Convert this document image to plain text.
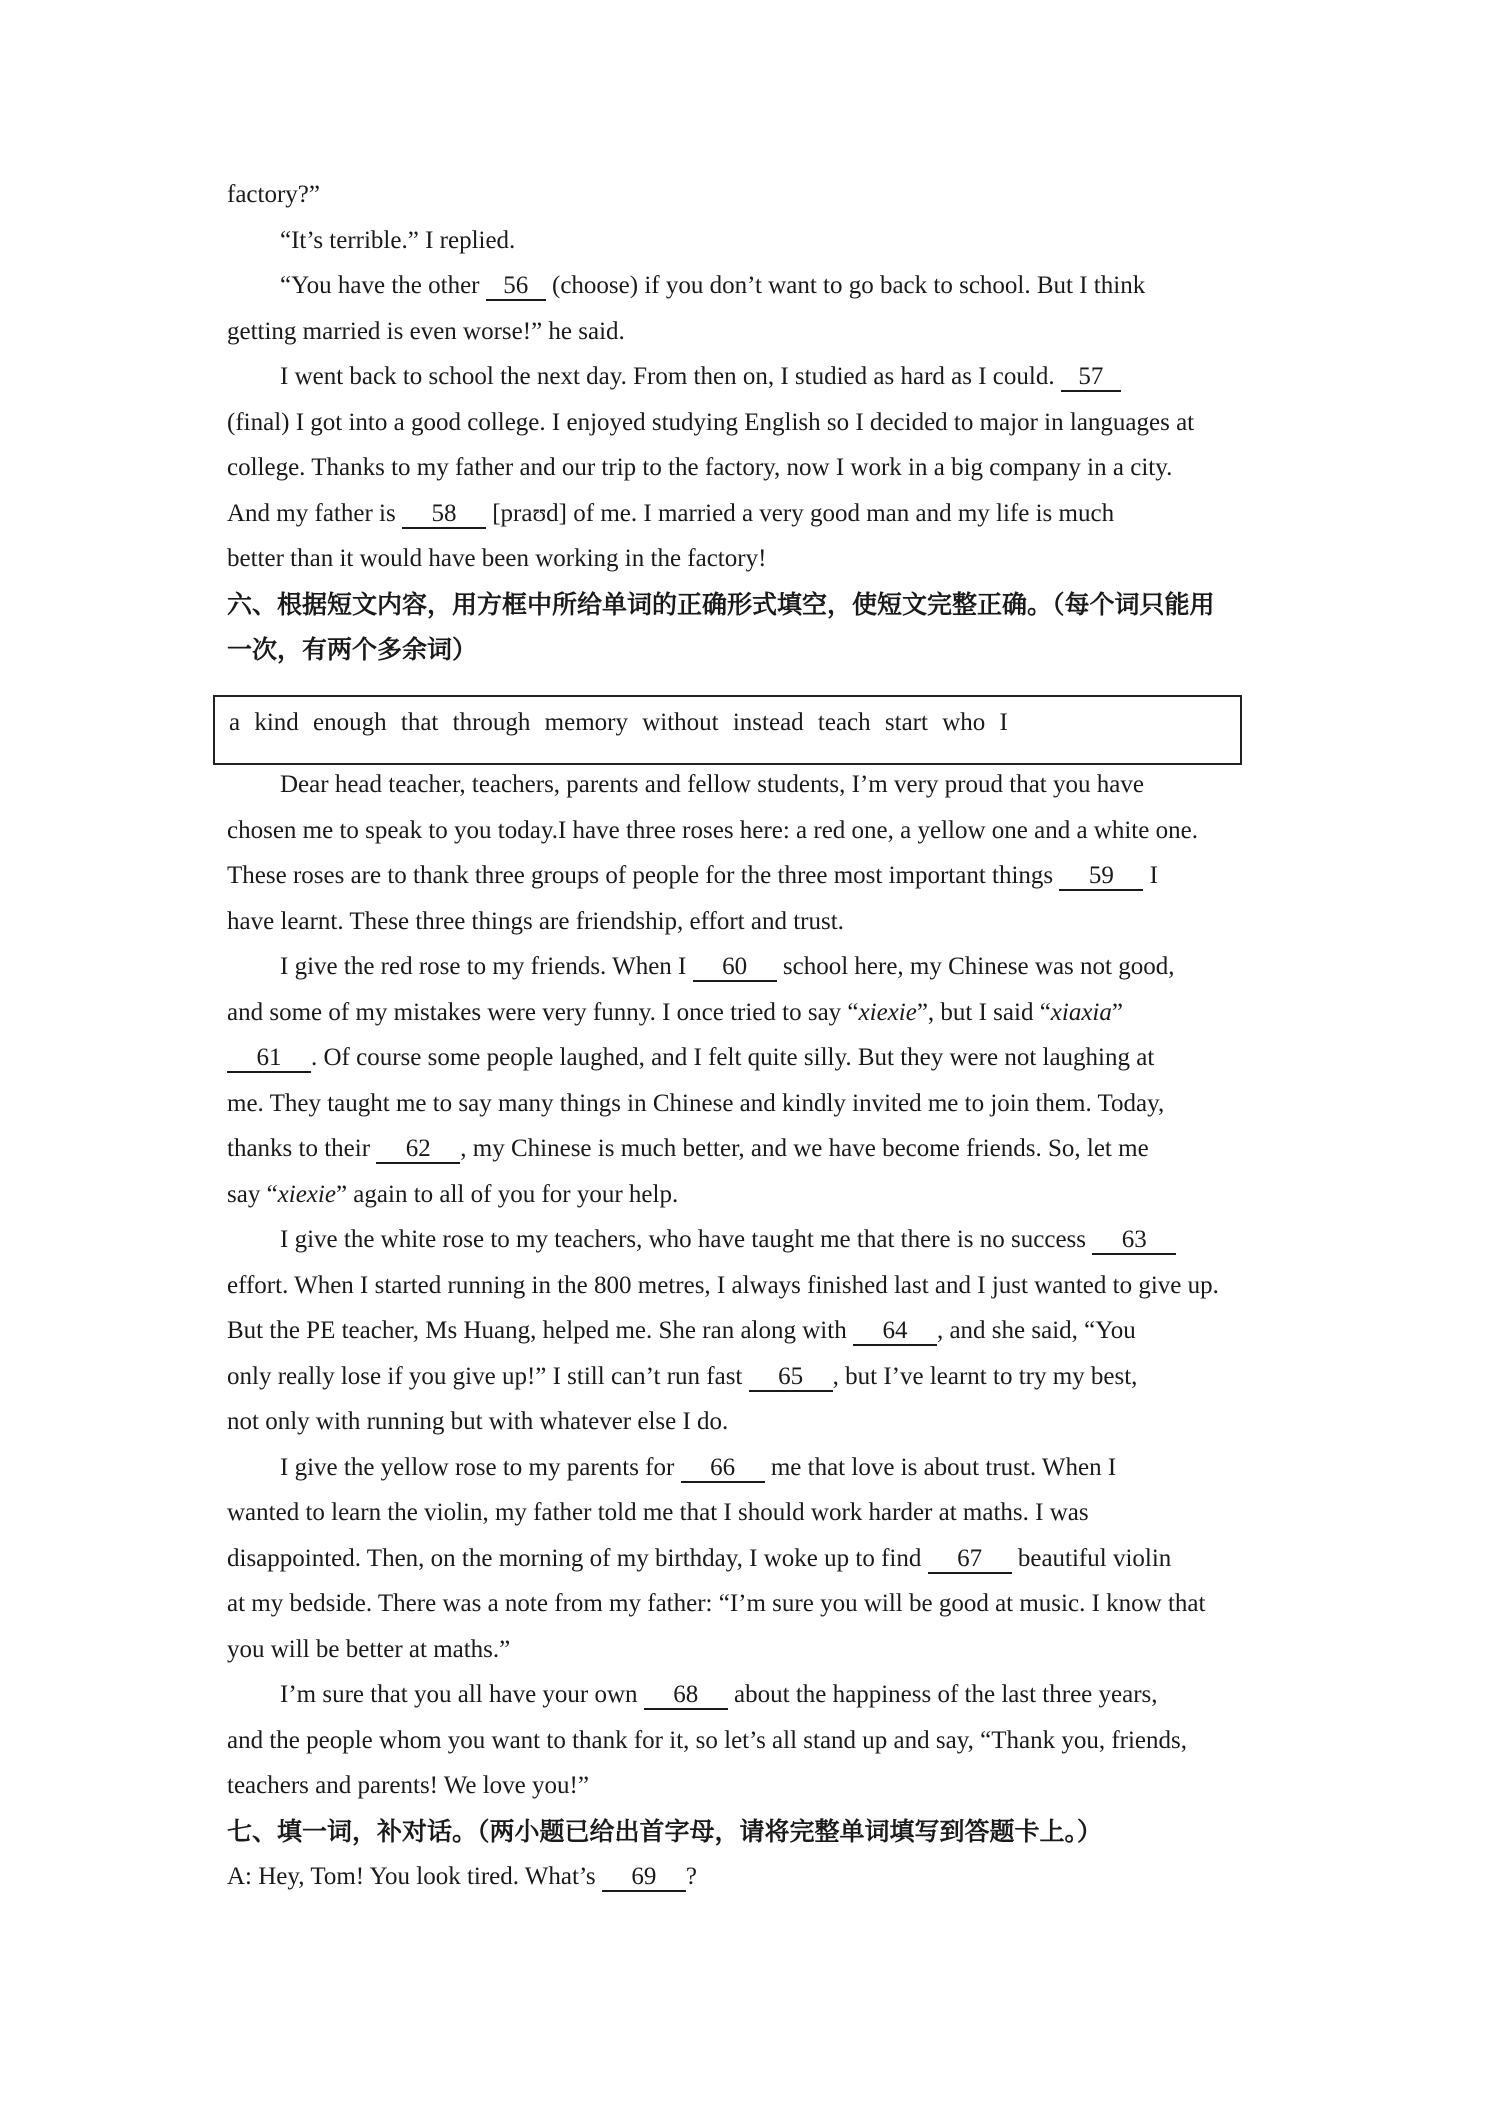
factory?”
“It’s terrible.” I replied.
“You have the other 56 (choose) if you don’t want to go back to school. But I think
getting married is even worse!” he said.
I went back to school the next day. From then on, I studied as hard as I could. 57
(final) I got into a good college. I enjoyed studying English so I decided to major in languages at
college. Thanks to my father and our trip to the factory, now I work in a big company in a city.
And my father is 58 [praʊd] of me. I married a very good man and my life is much
better than it would have been working in the factory!
六、根据短文内容，用方框中所给单词的正确形式填空，使短文完整正确。（每个词只能用
一次，有两个多余词）
a kind enough that through memory without instead teach start who I
Dear head teacher, teachers, parents and fellow students, I’m very proud that you have
chosen me to speak to you today.I have three roses here: a red one, a yellow one and a white one.
These roses are to thank three groups of people for the three most important things 59 I
have learnt. These three things are friendship, effort and trust.
I give the red rose to my friends. When I 60 school here, my Chinese was not good,
and some of my mistakes were very funny. I once tried to say “xiexie”, but I said “xiaxia”
61 . Of course some people laughed, and I felt quite silly. But they were not laughing at
me. They taught me to say many things in Chinese and kindly invited me to join them. Today,
thanks to their 62 , my Chinese is much better, and we have become friends. So, let me
say “xiexie” again to all of you for your help.
I give the white rose to my teachers, who have taught me that there is no success 63
effort. When I started running in the 800 metres, I always finished last and I just wanted to give up.
But the PE teacher, Ms Huang, helped me. She ran along with 64 , and she said, “You
only really lose if you give up!” I still can’t run fast 65 , but I’ve learnt to try my best,
not only with running but with whatever else I do.
I give the yellow rose to my parents for 66 me that love is about trust. When I
wanted to learn the violin, my father told me that I should work harder at maths. I was
disappointed. Then, on the morning of my birthday, I woke up to find 67 beautiful violin
at my bedside. There was a note from my father: “I’m sure you will be good at music. I know that
you will be better at maths.”
I’m sure that you all have your own 68 about the happiness of the last three years,
and the people whom you want to thank for it, so let’s all stand up and say, “Thank you, friends,
teachers and parents! We love you!”
七、填一词，补对话。（两小题已给出首字母，请将完整单词填写到答题卡上。）
A: Hey, Tom! You look tired. What’s 69 ?
